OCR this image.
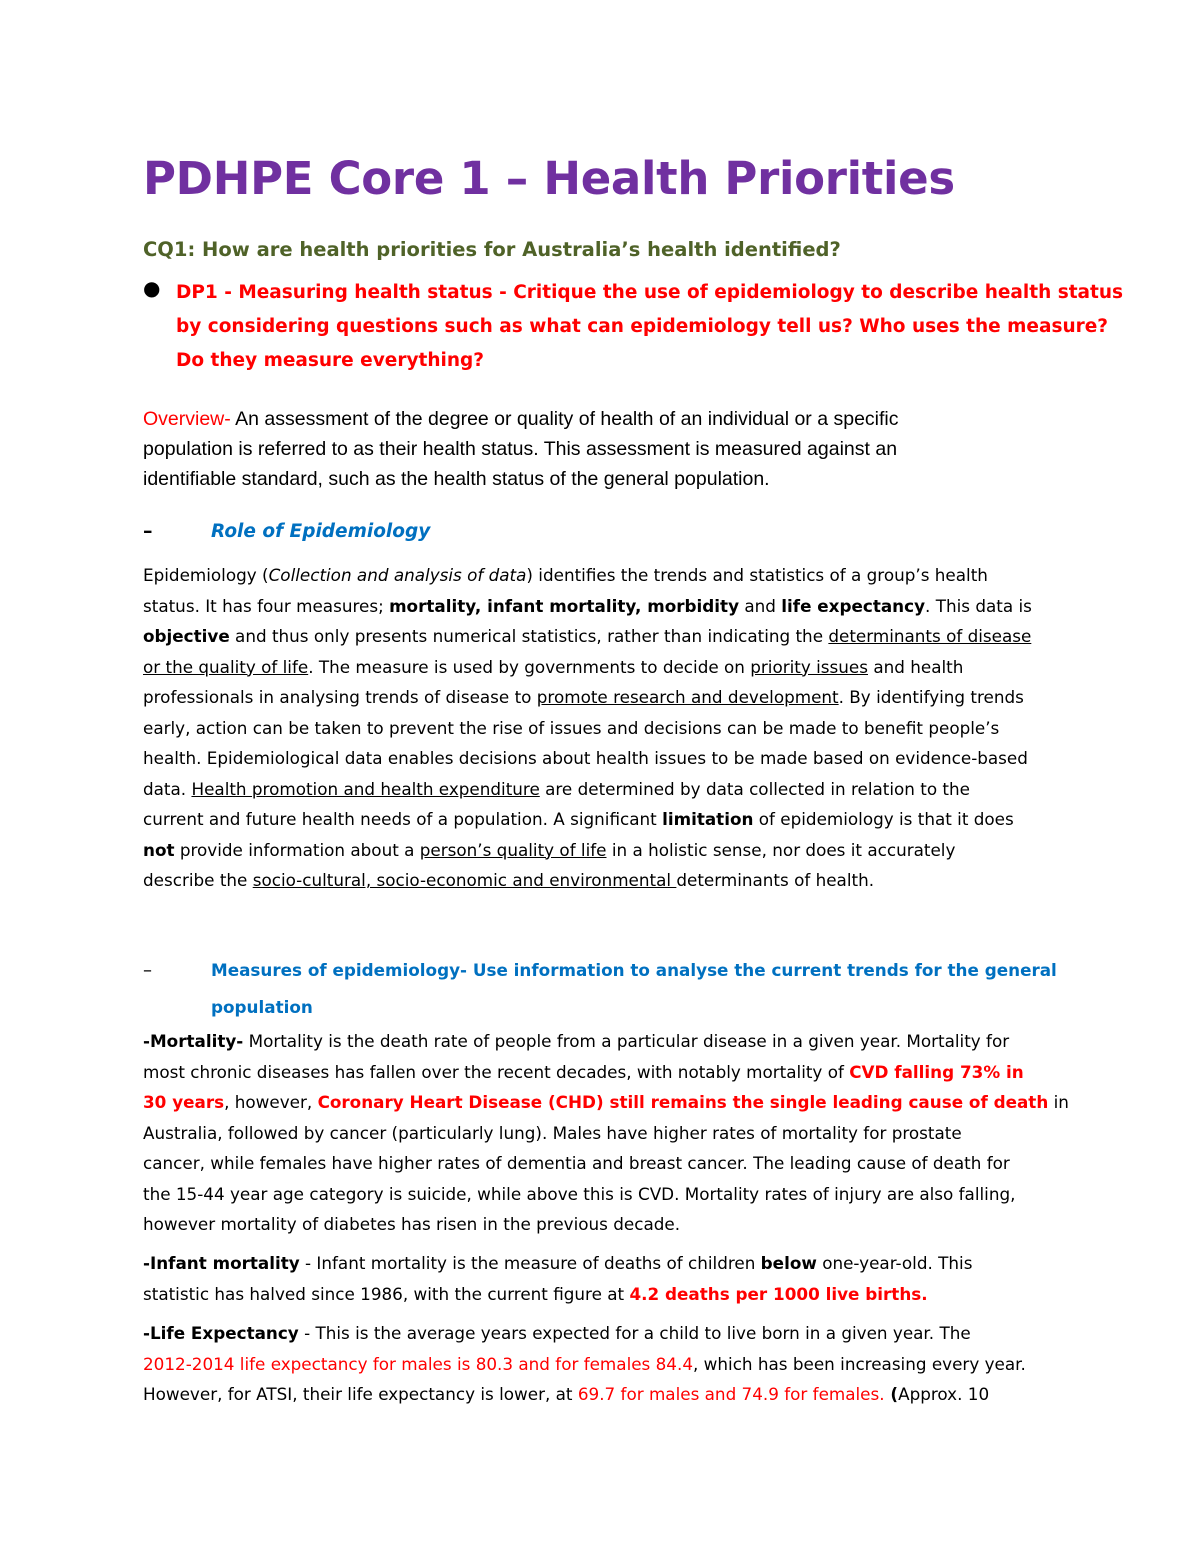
PDHPE Core 1 – Health Priorities
CQ1: How are health priorities for Australia’s health identified?
● DP1 - Measuring health status - Critique the use of epidemiology to describe health status
by considering questions such as what can epidemiology tell us? Who uses the measure?
Do they measure everything?
Overview- An assessment of the degree or quality of health of an individual or a specific
population is referred to as their health status. This assessment is measured against an
identifiable standard, such as the health status of the general population.
–	Role of Epidemiology
Epidemiology (Collection and analysis of data) identifies the trends and statistics of a group’s health
status. It has four measures; mortality, infant mortality, morbidity and life expectancy. This data is
objective and thus only presents numerical statistics, rather than indicating the determinants of disease
or the quality of life. The measure is used by governments to decide on priority issues and health
professionals in analysing trends of disease to promote research and development. By identifying trends
early, action can be taken to prevent the rise of issues and decisions can be made to benefit people’s
health. Epidemiological data enables decisions about health issues to be made based on evidence-based
data. Health promotion and health expenditure are determined by data collected in relation to the
current and future health needs of a population. A significant limitation of epidemiology is that it does
not provide information about a person’s quality of life in a holistic sense, nor does it accurately
describe the socio-cultural, socio-economic and environmental determinants of health.
–	Measures of epidemiology- Use information to analyse the current trends for the general
population
-Mortality- Mortality is the death rate of people from a particular disease in a given year. Mortality for
most chronic diseases has fallen over the recent decades, with notably mortality of CVD falling 73% in
30 years, however, Coronary Heart Disease (CHD) still remains the single leading cause of death in
Australia, followed by cancer (particularly lung). Males have higher rates of mortality for prostate
cancer, while females have higher rates of dementia and breast cancer. The leading cause of death for
the 15-44 year age category is suicide, while above this is CVD. Mortality rates of injury are also falling,
however mortality of diabetes has risen in the previous decade.
-Infant mortality - Infant mortality is the measure of deaths of children below one-year-old. This
statistic has halved since 1986, with the current figure at 4.2 deaths per 1000 live births.
-Life Expectancy - This is the average years expected for a child to live born in a given year. The
2012-2014 life expectancy for males is 80.3 and for females 84.4, which has been increasing every year.
However, for ATSI, their life expectancy is lower, at 69.7 for males and 74.9 for females. (Approx. 10
